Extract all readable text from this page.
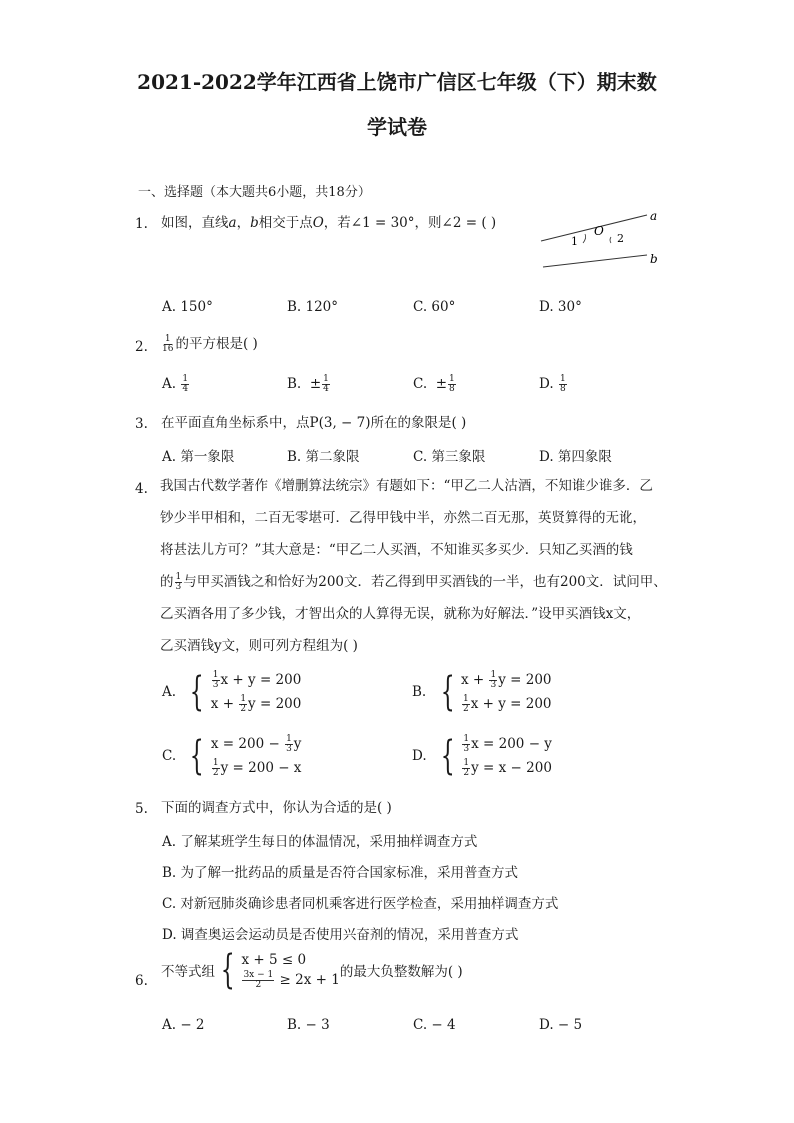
2021-2022学年江西省上饶市广信区七年级（下）期末数
学试卷
一、选择题（本大题共6小题，共18分）
1. 如图，直线a，b相交于点O，若∠1 = 30°，则∠2 = ( )	a
b
O
1	2
A. 150°	B. 120°	C. 60°	D. 30°
2. $\frac{1}{16}$ 的平方根是( )
A. $\frac{1}{4}$	B. ± $\frac{1}{4}$	C. ± $\frac{1}{8}$	D. $\frac{1}{8}$
3. 在平面直角坐标系中，点P(3, − 7)所在的象限是( )
A. 第一象限	B. 第二象限	C. 第三象限	D. 第四象限
4. 我国古代数学著作《增删算法统宗》有题如下：“甲乙二人沽酒，不知谁少谁多．乙
钞少半甲相和，二百无零堪可．乙得甲钱中半，亦然二百无那，英贤算得的无讹，
将甚法儿方可？”其大意是：“甲乙二人买酒，不知谁买多买少．只知乙买酒的钱
的 $\frac{1}{3}$ 与甲买酒钱之和恰好为200文．若乙得到甲买酒钱的一半，也有200文．试问甲、
乙买酒各用了多少钱，才智出众的人算得无误，就称为好解法．”设甲买酒钱x文，
乙买酒钱y文，则可列方程组为( )
A. { $\frac{1}{3}$ x + y = 200
$x + \frac{1}{2}$ y = 200
B. { $x + \frac{1}{3}$ y = 200
$\frac{1}{2}$ x + y = 200
C. { $x = 200 - \frac{1}{3}$ y
$\frac{1}{2}$ y = 200 − x
D. { $\frac{1}{3}$ x = 200 − y
$\frac{1}{2}$ y = x − 200
5. 下面的调查方式中，你认为合适的是( )
A. 了解某班学生每日的体温情况，采用抽样调查方式
B. 为了解一批药品的质量是否符合国家标准，采用普查方式
C. 对新冠肺炎确诊患者同机乘客进行医学检查，采用抽样调查方式
D. 调查奥运会运动员是否使用兴奋剂的情况，采用普查方式
6.
不等式组 { x + 5 ≤ 0
$\frac{3x - 1}{2} \ge 2x + 1$ 的最大负整数解为( )
A. − 2	B. − 3	C. − 4	D. − 5
